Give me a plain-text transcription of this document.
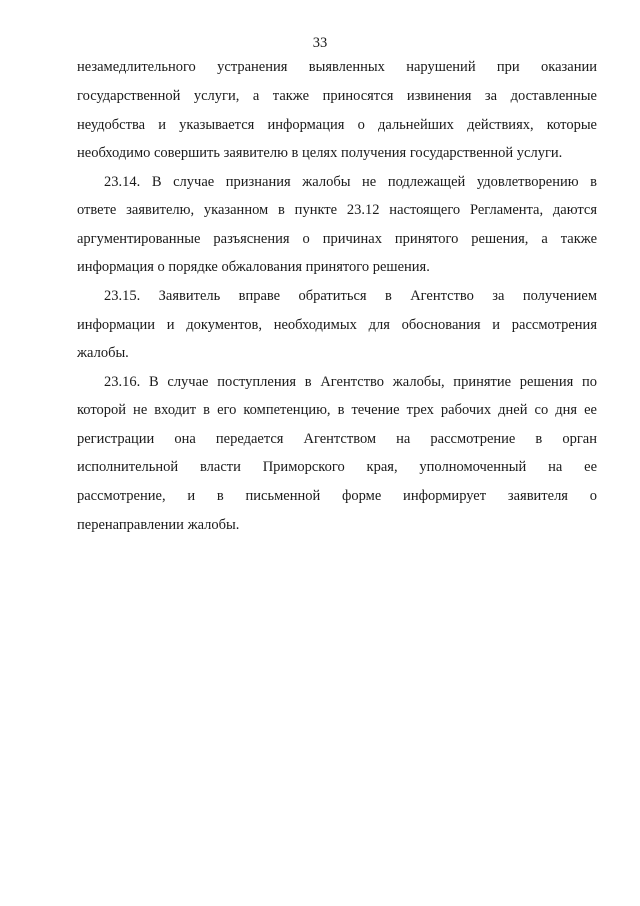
33
незамедлительного устранения выявленных нарушений при оказании
государственной услуги, а также приносятся извинения за доставленные
неудобства и указывается информация о дальнейших действиях, которые
необходимо совершить заявителю в целях получения государственной услуги.
23.14. В случае признания жалобы не подлежащей удовлетворению в
ответе заявителю, указанном в пункте 23.12 настоящего Регламента, даются
аргументированные разъяснения о причинах принятого решения, а также
информация о порядке обжалования принятого решения.
23.15. Заявитель вправе обратиться в Агентство за получением
информации и документов, необходимых для обоснования и рассмотрения
жалобы.
23.16. В случае поступления в Агентство жалобы, принятие решения по
которой не входит в его компетенцию, в течение трех рабочих дней со дня ее
регистрации она передается Агентством на рассмотрение в орган
исполнительной власти Приморского края, уполномоченный на ее
рассмотрение, и в письменной форме информирует заявителя о
перенаправлении жалобы.
